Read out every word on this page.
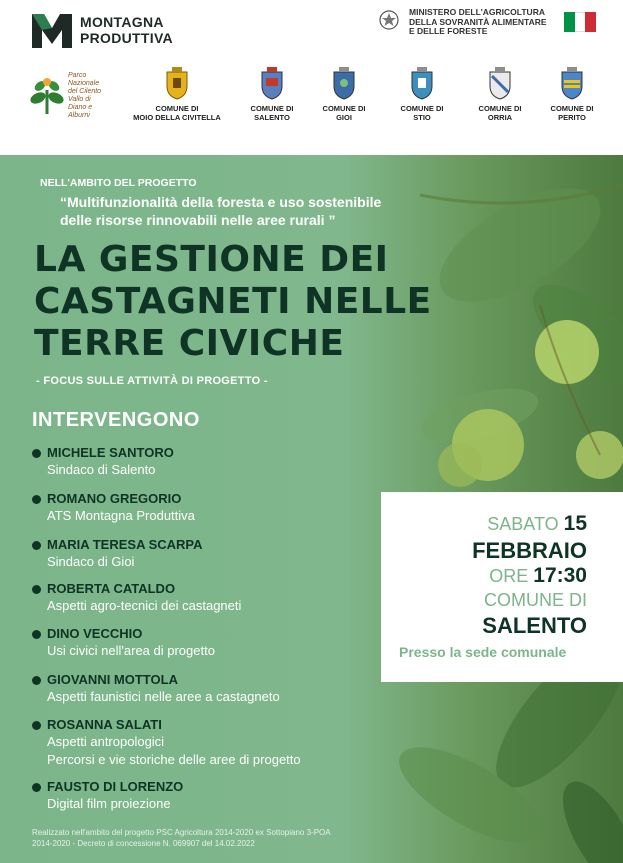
MONTAGNA
PRODUTTIVA
MINISTERO DELL'AGRICOLTURA
DELLA SOVRANITÀ ALIMENTARE
E DELLE FORESTE
Parco Nazionale del Cilento Vallo di Diano e Alburni
COMUNE DI
MOIO DELLA CIVITELLA
COMUNE DI
SALENTO
COMUNE DI
GIOI
COMUNE DI
STIO
COMUNE DI
ORRIA
COMUNE DI
PERITO
NELL'AMBITO DEL PROGETTO
“Multifunzionalità della foresta e uso sostenibile
delle risorse rinnovabili nelle aree rurali ”
LA GESTIONE DEI
CASTAGNETI NELLE
TERRE CIVICHE
- FOCUS SULLE ATTIVITÀ DI PROGETTO -
INTERVENGONO
MICHELE SANTORO
Sindaco di Salento
ROMANO GREGORIO
ATS Montagna Produttiva
MARIA TERESA SCARPA
Sindaco di Gioi
ROBERTA CATALDO
Aspetti agro-tecnici dei castagneti
DINO VECCHIO
Usi civici nell'area di progetto
GIOVANNI MOTTOLA
Aspetti faunistici nelle aree a castagneto
ROSANNA SALATI
Aspetti antropologici
Percorsi e vie storiche delle aree di progetto
FAUSTO DI LORENZO
Digital film proiezione
SABATO 15
FEBBRAIO
ORE 17:30
COMUNE DI
SALENTO
Presso la sede comunale
Realizzato nell'ambito del progetto PSC Agricoltura 2014-2020 ex Sottopiano 3-POA
2014-2020 - Decreto di concessione N. 069907 del 14.02.2022
